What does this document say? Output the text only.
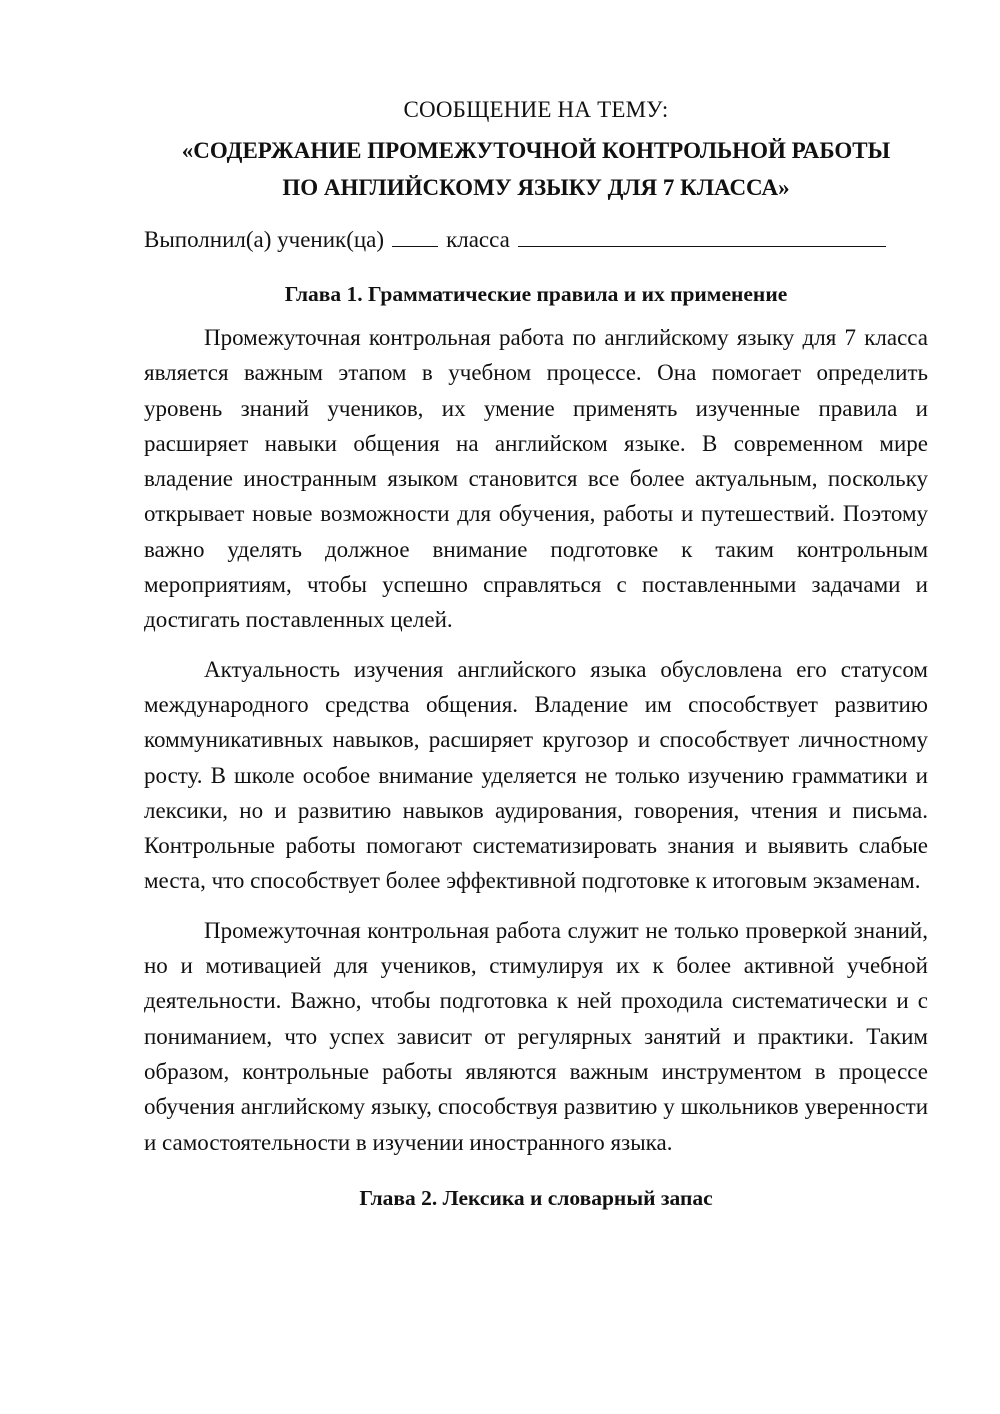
СООБЩЕНИЕ НА ТЕМУ:

«СОДЕРЖАНИЕ ПРОМЕЖУТОЧНОЙ КОНТРОЛЬНОЙ РАБОТЫ

ПО АНГЛИЙСКОМУ ЯЗЫКУ ДЛЯ 7 КЛАССА»

Выполнил(а) ученик(ца)	класса

Глава 1. Грамматические правила и их применение

Промежуточная контрольная работа по английскому языку для 7 класса является важным этапом в учебном процессе. Она помогает определить уровень знаний учеников, их умение применять изученные правила и расширяет навыки общения на английском языке. В современном мире владение иностранным языком становится все более актуальным, поскольку открывает новые возможности для обучения, работы и путешествий. Поэтому важно уделять должное внимание подготовке к таким контрольным мероприятиям, чтобы успешно справляться с поставленными задачами и достигать поставленных целей.

Актуальность изучения английского языка обусловлена его статусом международного средства общения. Владение им способствует развитию коммуникативных навыков, расширяет кругозор и способствует личностному росту. В школе особое внимание уделяется не только изучению грамматики и лексики, но и развитию навыков аудирования, говорения, чтения и письма. Контрольные работы помогают систематизировать знания и выявить слабые места, что способствует более эффективной подготовке к итоговым экзаменам.

Промежуточная контрольная работа служит не только проверкой знаний, но и мотивацией для учеников, стимулируя их к более активной учебной деятельности. Важно, чтобы подготовка к ней проходила систематически и с пониманием, что успех зависит от регулярных занятий и практики. Таким образом, контрольные работы являются важным инструментом в процессе обучения английскому языку, способствуя развитию у школьников уверенности и самостоятельности в изучении иностранного языка.

Глава 2. Лексика и словарный запас
